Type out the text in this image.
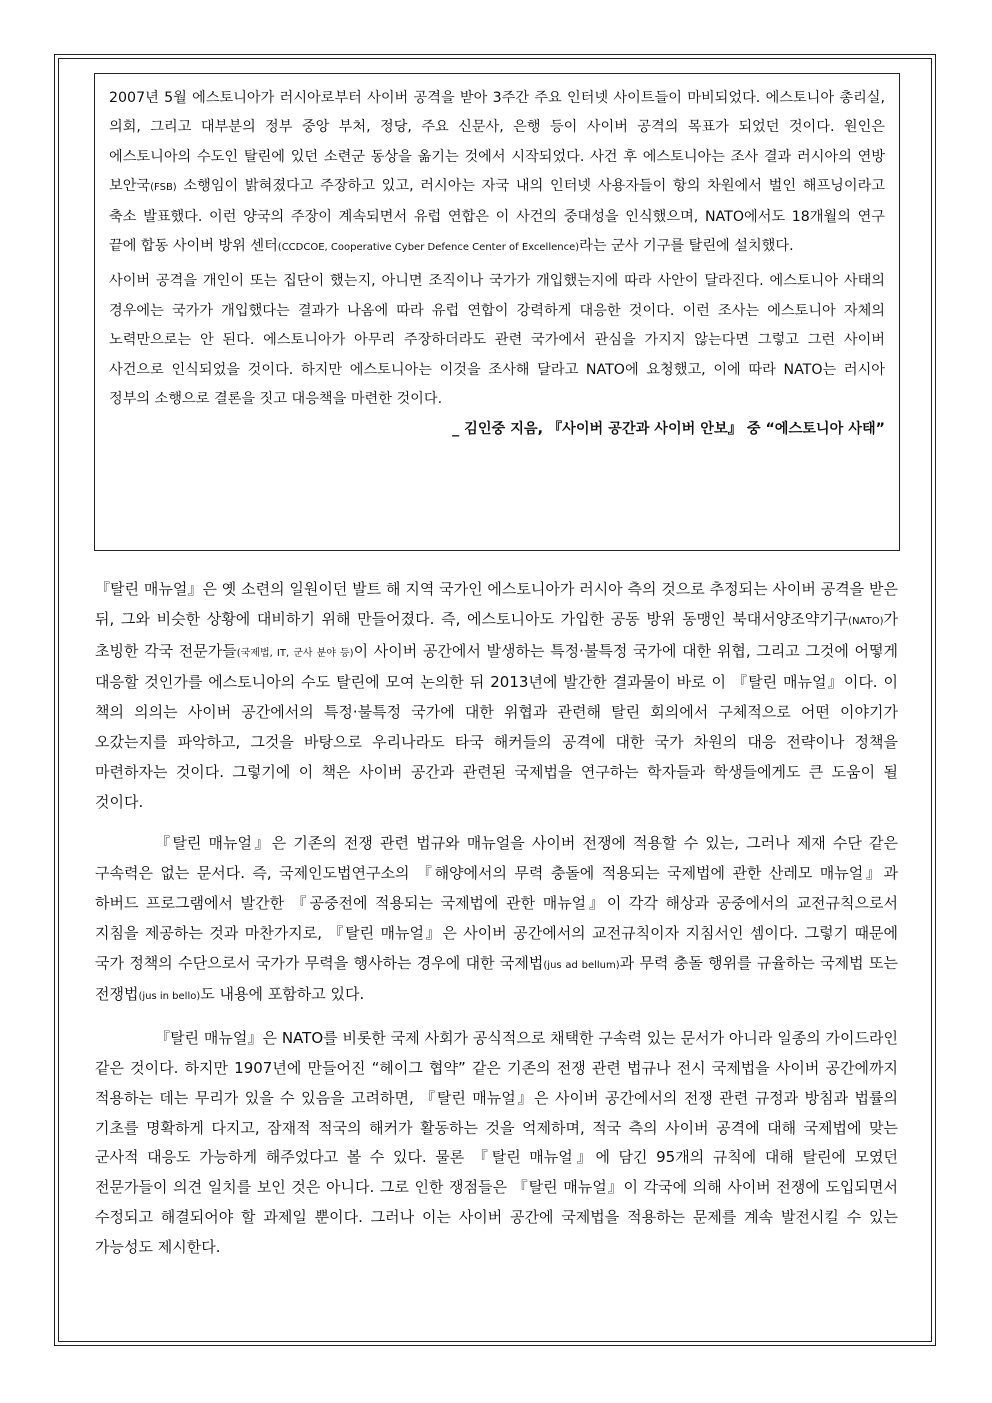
2007년 5월 에스토니아가 러시아로부터 사이버 공격을 받아 3주간 주요 인터넷 사이트들이 마비되었다. 에스토니아 총리실, 의회, 그리고 대부분의 정부 중앙 부처, 정당, 주요 신문사, 은행 등이 사이버 공격의 목표가 되었던 것이다. 원인은 에스토니아의 수도인 탈린에 있던 소련군 동상을 옮기는 것에서 시작되었다. 사건 후 에스토니아는 조사 결과 러시아의 연방 보안국(FSB) 소행임이 밝혀졌다고 주장하고 있고, 러시아는 자국 내의 인터넷 사용자들이 항의 차원에서 벌인 해프닝이라고 축소 발표했다. 이런 양국의 주장이 계속되면서 유럽 연합은 이 사건의 중대성을 인식했으며, NATO에서도 18개월의 연구 끝에 합동 사이버 방위 센터(CCDCOE, Cooperative Cyber Defence Center of Excellence)라는 군사 기구를 탈린에 설치했다.

사이버 공격을 개인이 또는 집단이 했는지, 아니면 조직이나 국가가 개입했는지에 따라 사안이 달라진다. 에스토니아 사태의 경우에는 국가가 개입했다는 결과가 나옴에 따라 유럽 연합이 강력하게 대응한 것이다. 이런 조사는 에스토니아 자체의 노력만으로는 안 된다. 에스토니아가 아무리 주장하더라도 관련 국가에서 관심을 가지지 않는다면 그렇고 그런 사이버 사건으로 인식되었을 것이다. 하지만 에스토니아는 이것을 조사해 달라고 NATO에 요청했고, 이에 따라 NATO는 러시아 정부의 소행으로 결론을 짓고 대응책을 마련한 것이다.

_ 김인중 지음, 『사이버 공간과 사이버 안보』 중 “에스토니아 사태”

『탈린 매뉴얼』은 옛 소련의 일원이던 발트 해 지역 국가인 에스토니아가 러시아 측의 것으로 추정되는 사이버 공격을 받은 뒤, 그와 비슷한 상황에 대비하기 위해 만들어졌다. 즉, 에스토니아도 가입한 공동 방위 동맹인 북대서양조약기구(NATO)가 초빙한 각국 전문가들(국제법, IT, 군사 분야 등)이 사이버 공간에서 발생하는 특정·불특정 국가에 대한 위협, 그리고 그것에 어떻게 대응할 것인가를 에스토니아의 수도 탈린에 모여 논의한 뒤 2013년에 발간한 결과물이 바로 이 『탈린 매뉴얼』이다. 이 책의 의의는 사이버 공간에서의 특정·불특정 국가에 대한 위협과 관련해 탈린 회의에서 구체적으로 어떤 이야기가 오갔는지를 파악하고, 그것을 바탕으로 우리나라도 타국 해커들의 공격에 대한 국가 차원의 대응 전략이나 정책을 마련하자는 것이다. 그렇기에 이 책은 사이버 공간과 관련된 국제법을 연구하는 학자들과 학생들에게도 큰 도움이 될 것이다.

『탈린 매뉴얼』은 기존의 전쟁 관련 법규와 매뉴얼을 사이버 전쟁에 적용할 수 있는, 그러나 제재 수단 같은 구속력은 없는 문서다. 즉, 국제인도법연구소의 『해양에서의 무력 충돌에 적용되는 국제법에 관한 산레모 매뉴얼』과 하버드 프로그램에서 발간한 『공중전에 적용되는 국제법에 관한 매뉴얼』이 각각 해상과 공중에서의 교전규칙으로서 지침을 제공하는 것과 마찬가지로, 『탈린 매뉴얼』은 사이버 공간에서의 교전규칙이자 지침서인 셈이다. 그렇기 때문에 국가 정책의 수단으로서 국가가 무력을 행사하는 경우에 대한 국제법(jus ad bellum)과 무력 충돌 행위를 규율하는 국제법 또는 전쟁법(jus in bello)도 내용에 포함하고 있다.

『탈린 매뉴얼』은 NATO를 비롯한 국제 사회가 공식적으로 채택한 구속력 있는 문서가 아니라 일종의 가이드라인 같은 것이다. 하지만 1907년에 만들어진 “헤이그 협약” 같은 기존의 전쟁 관련 법규나 전시 국제법을 사이버 공간에까지 적용하는 데는 무리가 있을 수 있음을 고려하면, 『탈린 매뉴얼』은 사이버 공간에서의 전쟁 관련 규정과 방침과 법률의 기초를 명확하게 다지고, 잠재적 적국의 해커가 활동하는 것을 억제하며, 적국 측의 사이버 공격에 대해 국제법에 맞는 군사적 대응도 가능하게 해주었다고 볼 수 있다. 물론 『탈린 매뉴얼』에 담긴 95개의 규칙에 대해 탈린에 모였던 전문가들이 의견 일치를 보인 것은 아니다. 그로 인한 쟁점들은 『탈린 매뉴얼』이 각국에 의해 사이버 전쟁에 도입되면서 수정되고 해결되어야 할 과제일 뿐이다. 그러나 이는 사이버 공간에 국제법을 적용하는 문제를 계속 발전시킬 수 있는 가능성도 제시한다.
